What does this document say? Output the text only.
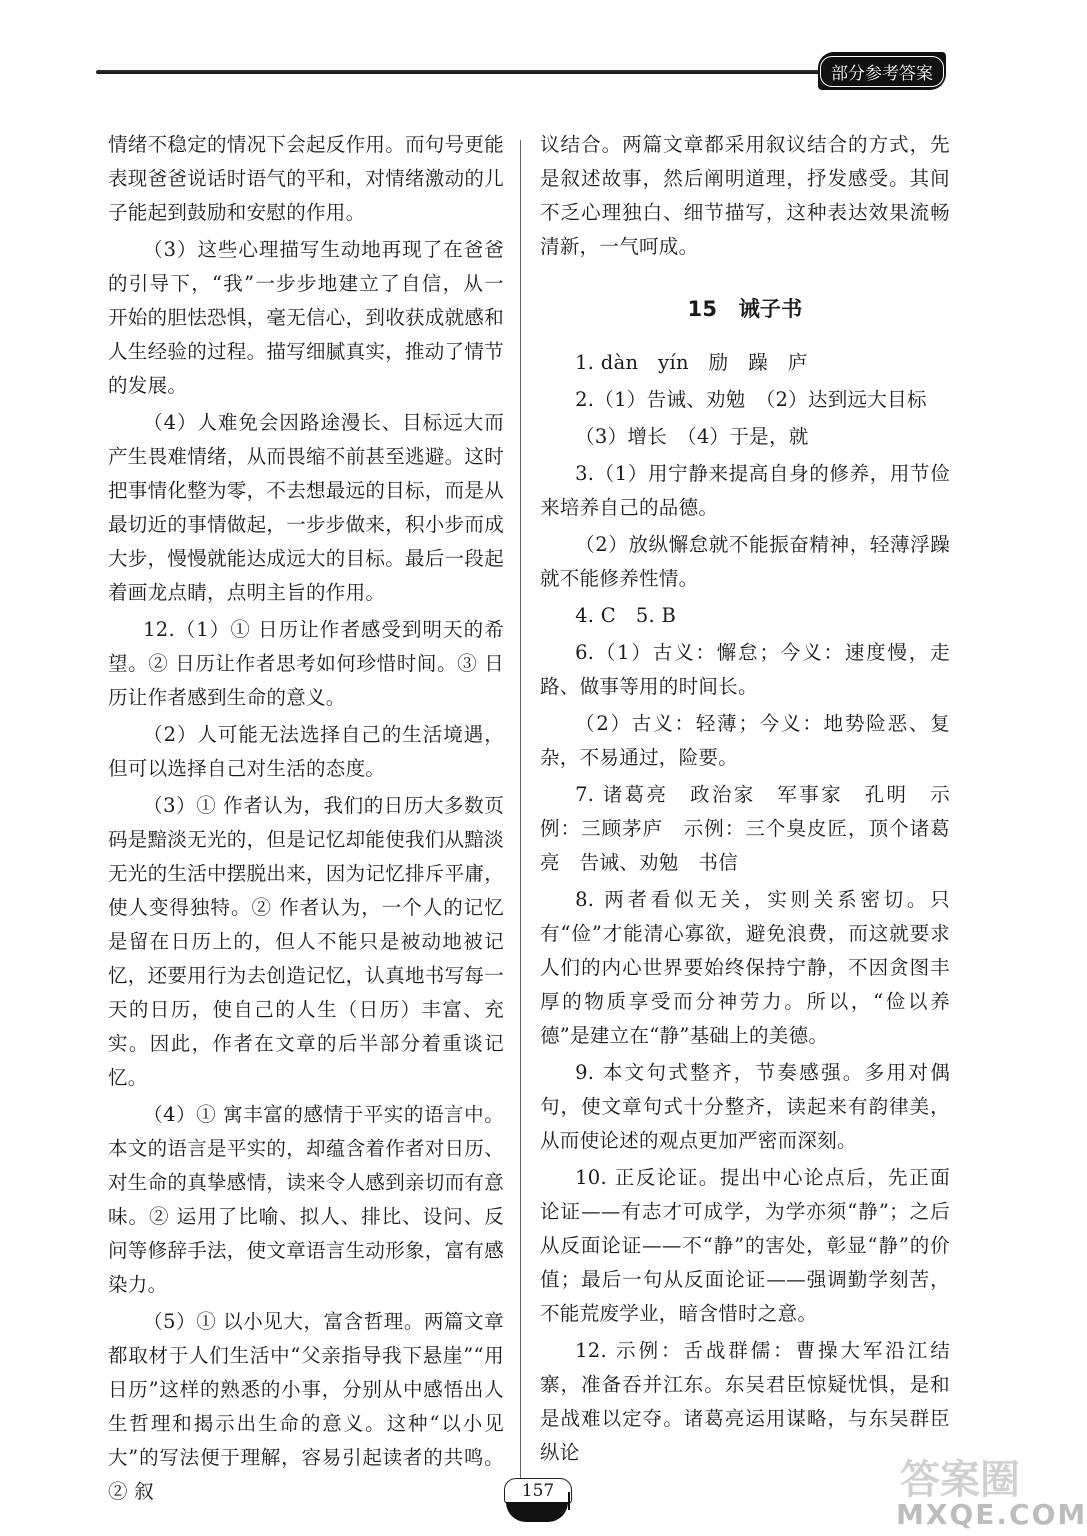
部分参考答案

情绪不稳定的情况下会起反作用。而句号更能表现爸爸说话时语气的平和，对情绪激动的儿子能起到鼓励和安慰的作用。

（3）这些心理描写生动地再现了在爸爸的引导下，“我”一步步地建立了自信，从一开始的胆怯恐惧，毫无信心，到收获成就感和人生经验的过程。描写细腻真实，推动了情节的发展。

（4）人难免会因路途漫长、目标远大而产生畏难情绪，从而畏缩不前甚至逃避。这时把事情化整为零，不去想最远的目标，而是从最切近的事情做起，一步步做来，积小步而成大步，慢慢就能达成远大的目标。最后一段起着画龙点睛，点明主旨的作用。

12.（1）① 日历让作者感受到明天的希望。② 日历让作者思考如何珍惜时间。③ 日历让作者感到生命的意义。

（2）人可能无法选择自己的生活境遇，但可以选择自己对生活的态度。

（3）① 作者认为，我们的日历大多数页码是黯淡无光的，但是记忆却能使我们从黯淡无光的生活中摆脱出来，因为记忆排斥平庸，使人变得独特。② 作者认为，一个人的记忆是留在日历上的，但人不能只是被动地被记忆，还要用行为去创造记忆，认真地书写每一天的日历，使自己的人生（日历）丰富、充实。因此，作者在文章的后半部分着重谈记忆。

（4）① 寓丰富的感情于平实的语言中。本文的语言是平实的，却蕴含着作者对日历、对生命的真挚感情，读来令人感到亲切而有意味。② 运用了比喻、拟人、排比、设问、反问等修辞手法，使文章语言生动形象，富有感染力。

（5）① 以小见大，富含哲理。两篇文章都取材于人们生活中“父亲指导我下悬崖”“用日历”这样的熟悉的小事，分别从中感悟出人生哲理和揭示出生命的意义。这种“以小见大”的写法便于理解，容易引起读者的共鸣。② 叙

议结合。两篇文章都采用叙议结合的方式，先是叙述故事，然后阐明道理，抒发感受。其间不乏心理独白、细节描写，这种表达效果流畅清新，一气呵成。

15　诫子书

1. dàn　yín　励　躁　庐

2.（1）告诫、劝勉　（2）达到远大目标

（3）增长　（4）于是，就

3.（1）用宁静来提高自身的修养，用节俭来培养自己的品德。

（2）放纵懈怠就不能振奋精神，轻薄浮躁就不能修养性情。

4. C　5. B

6.（1）古义：懈怠；今义：速度慢，走路、做事等用的时间长。

（2）古义：轻薄；今义：地势险恶、复杂，不易通过，险要。

7. 诸葛亮　政治家　军事家　孔明　示例：三顾茅庐　示例：三个臭皮匠，顶个诸葛亮　告诫、劝勉　书信

8. 两者看似无关，实则关系密切。只有“俭”才能清心寡欲，避免浪费，而这就要求人们的内心世界要始终保持宁静，不因贪图丰厚的物质享受而分神劳力。所以，“俭以养德”是建立在“静”基础上的美德。

9. 本文句式整齐，节奏感强。多用对偶句，使文章句式十分整齐，读起来有韵律美，从而使论述的观点更加严密而深刻。

10. 正反论证。提出中心论点后，先正面论证——有志才可成学，为学亦须“静”；之后从反面论证——不“静”的害处，彰显“静”的价值；最后一句从反面论证——强调勤学刻苦，不能荒废学业，暗含惜时之意。

12. 示例：舌战群儒：曹操大军沿江结寨，准备吞并江东。东吴君臣惊疑忧惧，是和是战难以定夺。诸葛亮运用谋略，与东吴群臣纵论

157	答案圈
MXQE.COM
